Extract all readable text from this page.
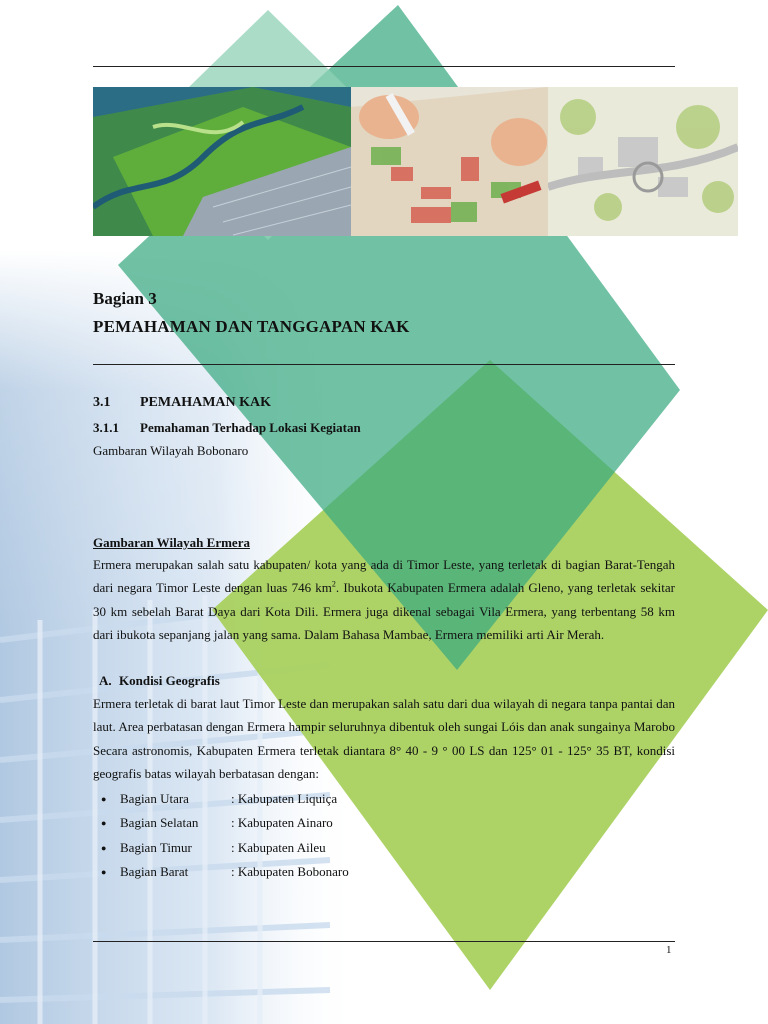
Bagian 3
PEMAHAMAN DAN TANGGAPAN KAK
3.1 PEMAHAMAN KAK
3.1.1 Pemahaman Terhadap Lokasi Kegiatan
Gambaran Wilayah Bobonaro
Gambaran Wilayah Ermera
Ermera merupakan salah satu kabupaten/ kota yang ada di Timor Leste, yang terletak di bagian Barat-Tengah dari negara Timor Leste dengan luas 746 $km^2$. Ibukota Kabupaten Ermera adalah Gleno, yang terletak sekitar 30 km sebelah Barat Daya dari Kota Dili. Ermera juga dikenal sebagai Vila Ermera, yang terbentang 58 km dari ibukota sepanjang jalan yang sama. Dalam Bahasa Mambae, Ermera memiliki arti Air Merah.
A. Kondisi Geografis
Ermera terletak di barat laut Timor Leste dan merupakan salah satu dari dua wilayah di negara tanpa pantai dan laut. Area perbatasan dengan Ermera hampir seluruhnya dibentuk oleh sungai Lóis dan anak sungainya Marobo Secara astronomis, Kabupaten Ermera terletak diantara 8° 40 - 9 ° 00 LS dan 125° 01 - 125° 35 BT, kondisi geografis batas wilayah berbatasan dengan:
●	Bagian Utara	: Kabupaten Liquiça
●	Bagian Selatan	: Kabupaten Ainaro
●	Bagian Timur	: Kabupaten Aileu
●	Bagian Barat	: Kabupaten Bobonaro
1
